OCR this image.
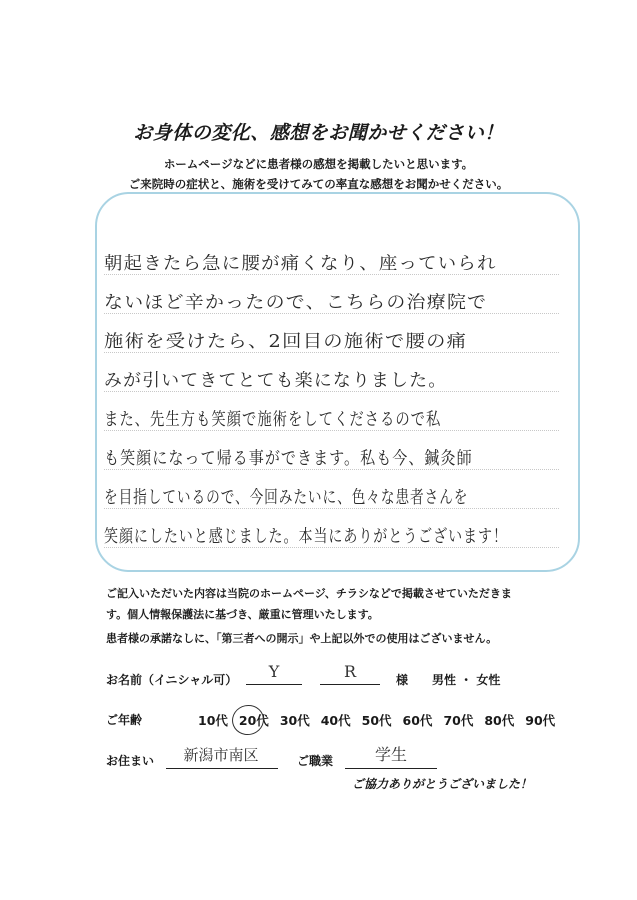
お身体の変化、感想をお聞かせください！
ホームページなどに患者様の感想を掲載したいと思います。
ご来院時の症状と、施術を受けてみての率直な感想をお聞かせください。
朝起きたら急に腰が痛くなり、座っていられ
ないほど辛かったので、こちらの治療院で
施術を受けたら、2回目の施術で腰の痛
みが引いてきてとても楽になりました。
また、先生方も笑顔で施術をしてくださるので私
も笑顔になって帰る事ができます。私も今、鍼灸師
を目指しているので、今回みたいに、色々な患者さんを
笑顔にしたいと感じました。本当にありがとうございます！
ご記入いただいた内容は当院のホームページ、チラシなどで掲載させていただきま
す。個人情報保護法に基づき、厳重に管理いたします。
患者様の承諾なしに、「第三者への開示」や上記以外での使用はございません。
お名前（イニシャル可）	Y	R	様 男性 ・ 女性
ご年齢	10代 20代 30代 40代 50代 60代 70代 80代 90代
お住まい	新潟市南区	ご職業	学生
ご協力ありがとうございました！
